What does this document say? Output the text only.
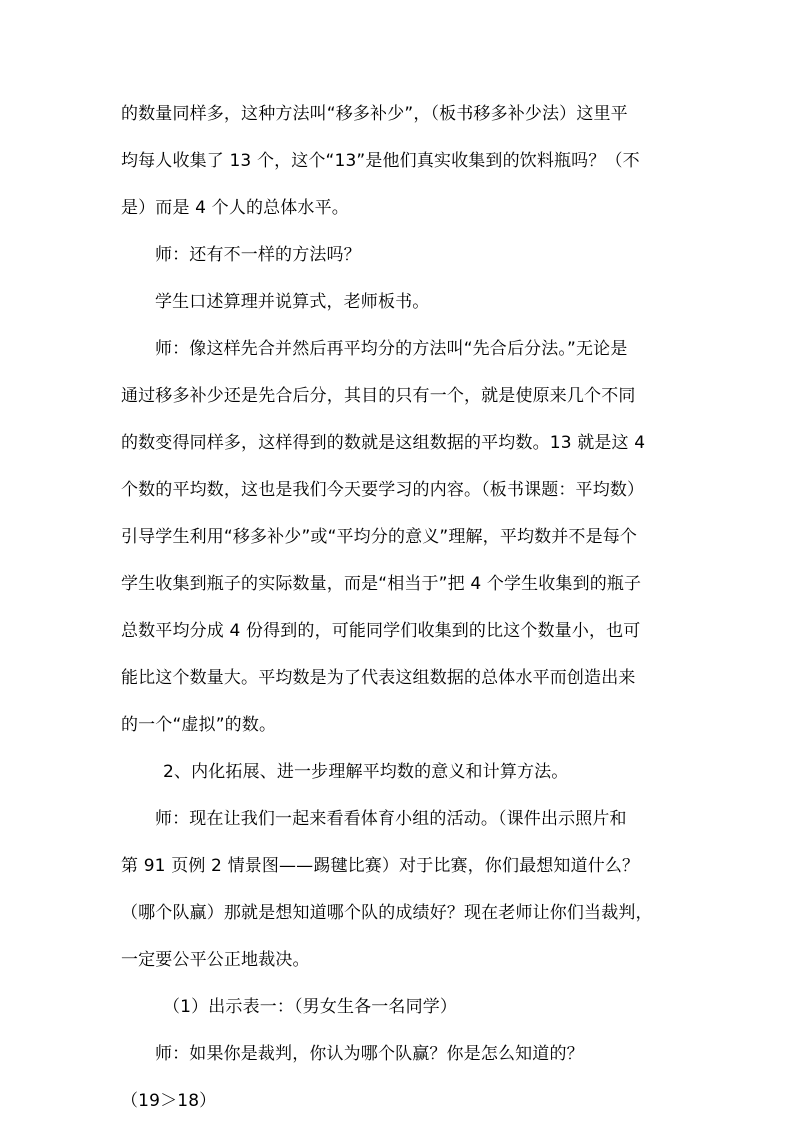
的数量同样多，这种方法叫“移多补少”，（板书移多补少法）这里平
均每人收集了 13 个，这个“13”是他们真实收集到的饮料瓶吗？（不
是）而是 4 个人的总体水平。
师：还有不一样的方法吗？
学生口述算理并说算式，老师板书。
师：像这样先合并然后再平均分的方法叫“先合后分法。”无论是
通过移多补少还是先合后分，其目的只有一个，就是使原来几个不同
的数变得同样多，这样得到的数就是这组数据的平均数。13 就是这 4
个数的平均数，这也是我们今天要学习的内容。（板书课题：平均数）
引导学生利用“移多补少”或“平均分的意义”理解，平均数并不是每个
学生收集到瓶子的实际数量，而是“相当于”把 4 个学生收集到的瓶子
总数平均分成 4 份得到的，可能同学们收集到的比这个数量小，也可
能比这个数量大。平均数是为了代表这组数据的总体水平而创造出来
的一个“虚拟”的数。
2、内化拓展、进一步理解平均数的意义和计算方法。
师：现在让我们一起来看看体育小组的活动。（课件出示照片和
第 91 页例 2 情景图——踢毽比赛）对于比赛，你们最想知道什么？
（哪个队赢）那就是想知道哪个队的成绩好？现在老师让你们当裁判，
一定要公平公正地裁决。
（1）出示表一：（男女生各一名同学）
师：如果你是裁判，你认为哪个队赢？你是怎么知道的？
（19＞18）
